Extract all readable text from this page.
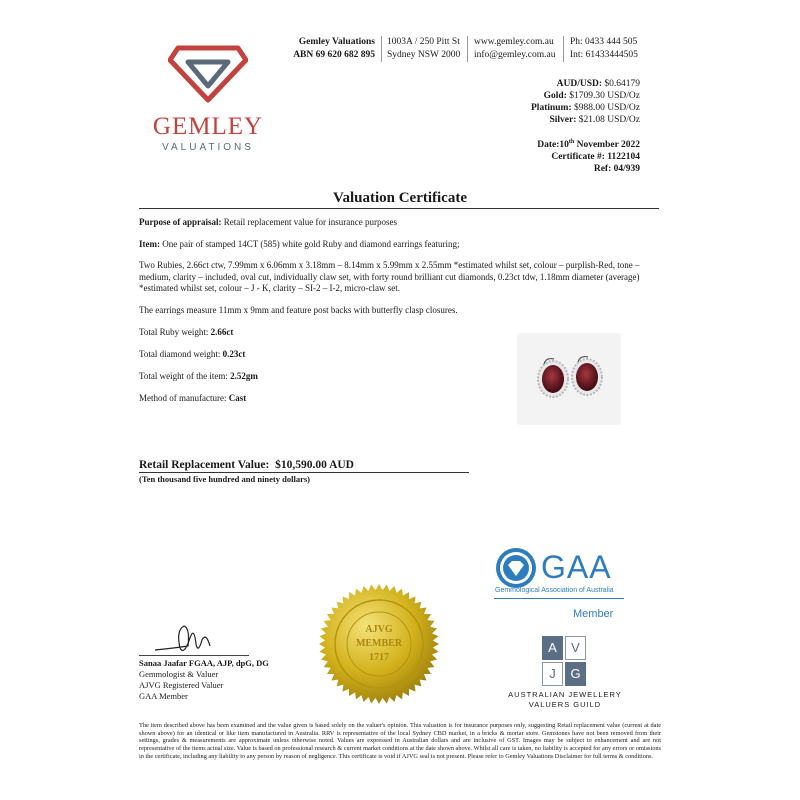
GEMLEY
VALUATIONS
Gemley Valuations
ABN 69 620 682 895
1003A / 250 Pitt St
Sydney NSW 2000
www.gemley.com.au
info@gemley.com.au
Ph: 0433 444 505
Int: 61433444505
AUD/USD: $0.64179
Gold: $1709.30 USD/Oz
Platinum: $988.00 USD/Oz
Silver: $21.08 USD/Oz
Date:10th November 2022
Certificate #: 1122104
Ref: 04/939
Valuation Certificate
Purpose of appraisal: Retail replacement value for insurance purposes
Item: One pair of stamped 14CT (585) white gold Ruby and diamond earrings featuring;
Two Rubies, 2.66ct ctw, 7.99mm x 6.06mm x 3.18mm – 8.14mm x 5.99mm x 2.55mm *estimated whilst set, colour – purplish-Red, tone – medium, clarity – included, oval cut, individually claw set, with forty round brilliant cut diamonds, 0.23ct tdw, 1.18mm diameter (average) *estimated whilst set, colour – J - K, clarity – SI-2 – I-2, micro-claw set.
The earrings measure 11mm x 9mm and feature post backs with butterfly clasp closures.
Total Ruby weight: 2.66ct
Total diamond weight: 0.23ct
Total weight of the item: 2.52gm
Method of manufacture: Cast
Retail Replacement Value: $10,590.00 AUD
(Ten thousand five hundred and ninety dollars)
GAA
Gemmological Association of Australia
Member
A	V
J	G
AUSTRALIAN JEWELLERY
VALUERS GUILD
AJVG
MEMBER
1717
Sanaa Jaafar FGAA, AJP, dpG, DG
Gemmologist & Valuer
AJVG Registered Valuer
GAA Member
The item described above has been examined and the value given is based solely on the valuer's opinion. This valuation is for insurance purposes only, suggesting Retail replacement value (current at date shown above) for an identical or like item manufactured in Australia. RRV is representative of the local Sydney CBD market, in a bricks & mortar store. Gemstones have not been removed from their settings, grades & measurements are approximate unless otherwise noted. Values are expressed in Australian dollars and are inclusive of GST. Images may be subject to enhancement and are not representative of the items actual size. Value is based on professional research & current market conditions at the date shown above. Whilst all care is taken, no liability is accepted for any errors or omissions in the certificate, including any liability to any person by reason of negligence. This certificate is void if AJVG seal is not present. Please refer to Gemley Valuations Disclaimer for full terms & conditions.
